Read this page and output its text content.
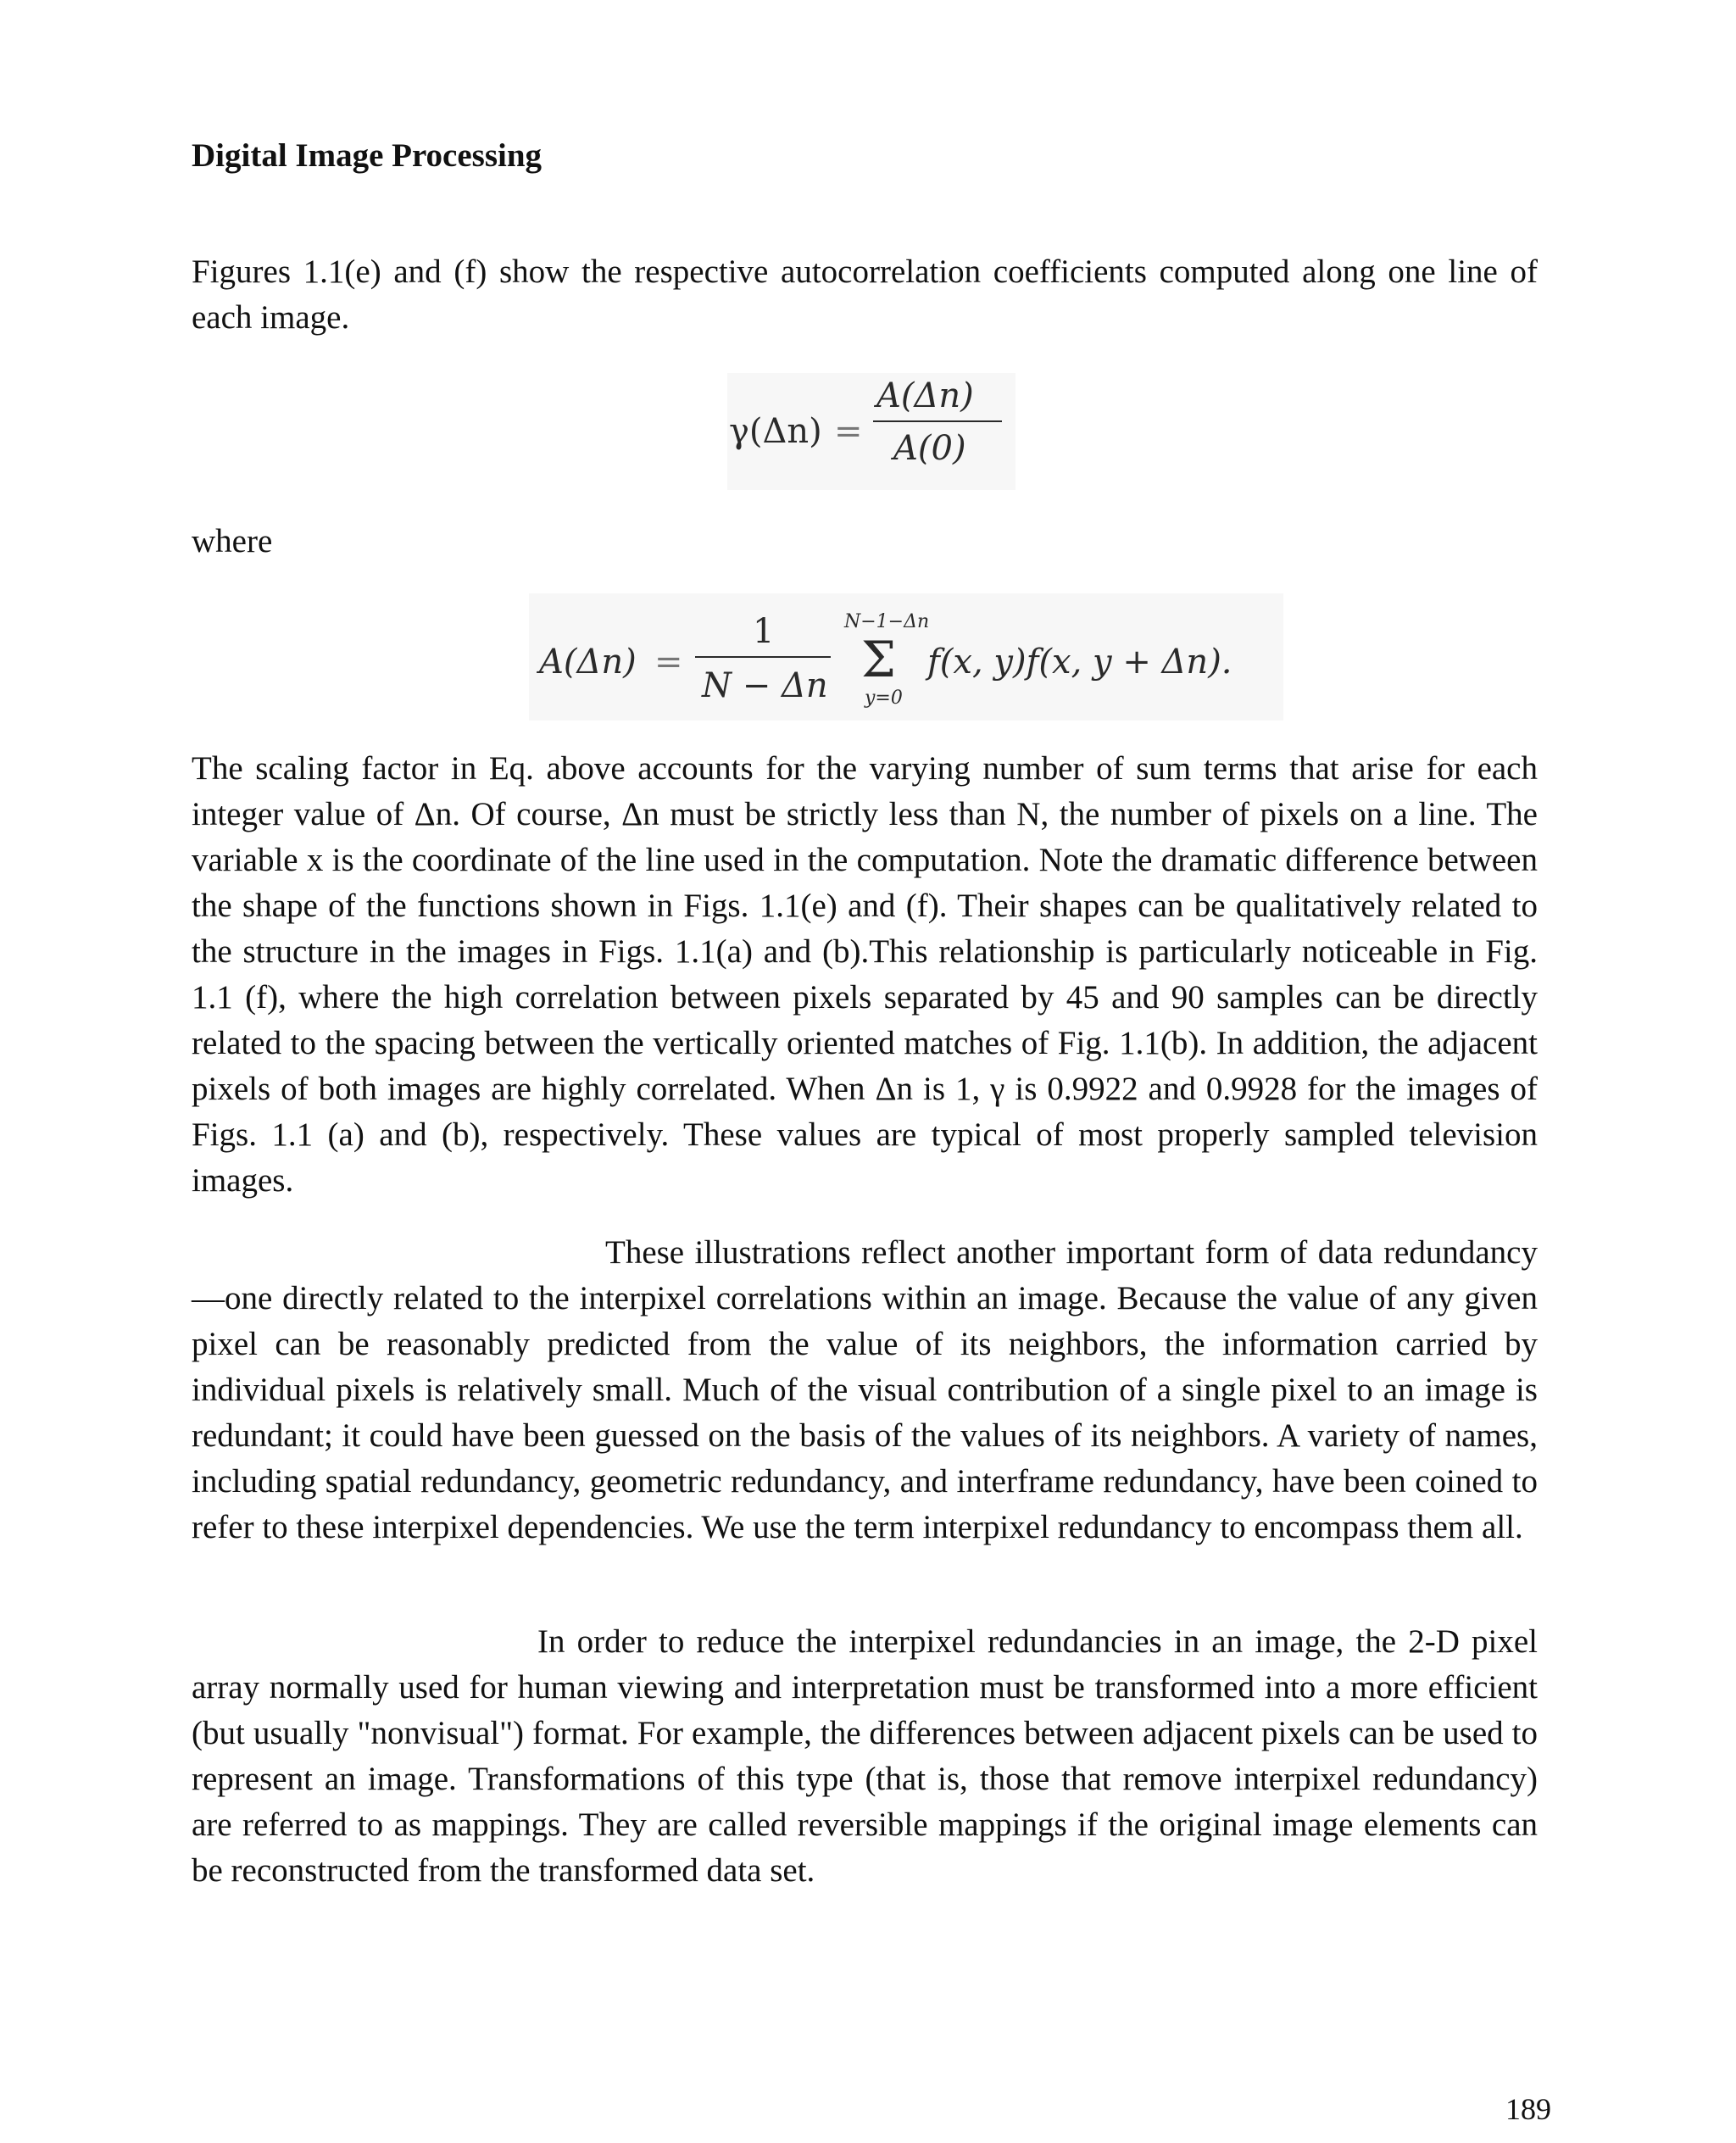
Digital Image Processing

Figures 1.1(e) and (f) show the respective autocorrelation coefficients computed along one line of each image.

γ(Δn) =
A(Δn)
A(0)

where

A(Δn) =
1
N − Δn
N−1−Δn
Σ
y=0
f(x, y)f(x, y + Δn).

The scaling factor in Eq. above accounts for the varying number of sum terms that arise for each integer value of Δn. Of course, Δn must be strictly less than N, the number of pixels on a line. The variable x is the coordinate of the line used in the computation. Note the dramatic difference between the shape of the functions shown in Figs. 1.1(e) and (f). Their shapes can be qualitatively related to the structure in the images in Figs. 1.1(a) and (b).This relationship is particularly noticeable in Fig. 1.1 (f), where the high correlation between pixels separated by 45 and 90 samples can be directly related to the spacing between the vertically oriented matches of Fig. 1.1(b). In addition, the adjacent pixels of both images are highly correlated. When Δn is 1, γ is 0.9922 and 0.9928 for the images of Figs. 1.1 (a) and (b), respectively. These values are typical of most properly sampled television images.

These illustrations reflect another important form of data redundancy—one directly related to the interpixel correlations within an image. Because the value of any given pixel can be reasonably predicted from the value of its neighbors, the information carried by individual pixels is relatively small. Much of the visual contribution of a single pixel to an image is redundant; it could have been guessed on the basis of the values of its neighbors. A variety of names, including spatial redundancy, geometric redundancy, and interframe redundancy, have been coined to refer to these interpixel dependencies. We use the term interpixel redundancy to encompass them all.

In order to reduce the interpixel redundancies in an image, the 2-D pixel array normally used for human viewing and interpretation must be transformed into a more efficient (but usually "nonvisual") format. For example, the differences between adjacent pixels can be used to represent an image. Transformations of this type (that is, those that remove interpixel redundancy) are referred to as mappings. They are called reversible mappings if the original image elements can be reconstructed from the transformed data set.

189
